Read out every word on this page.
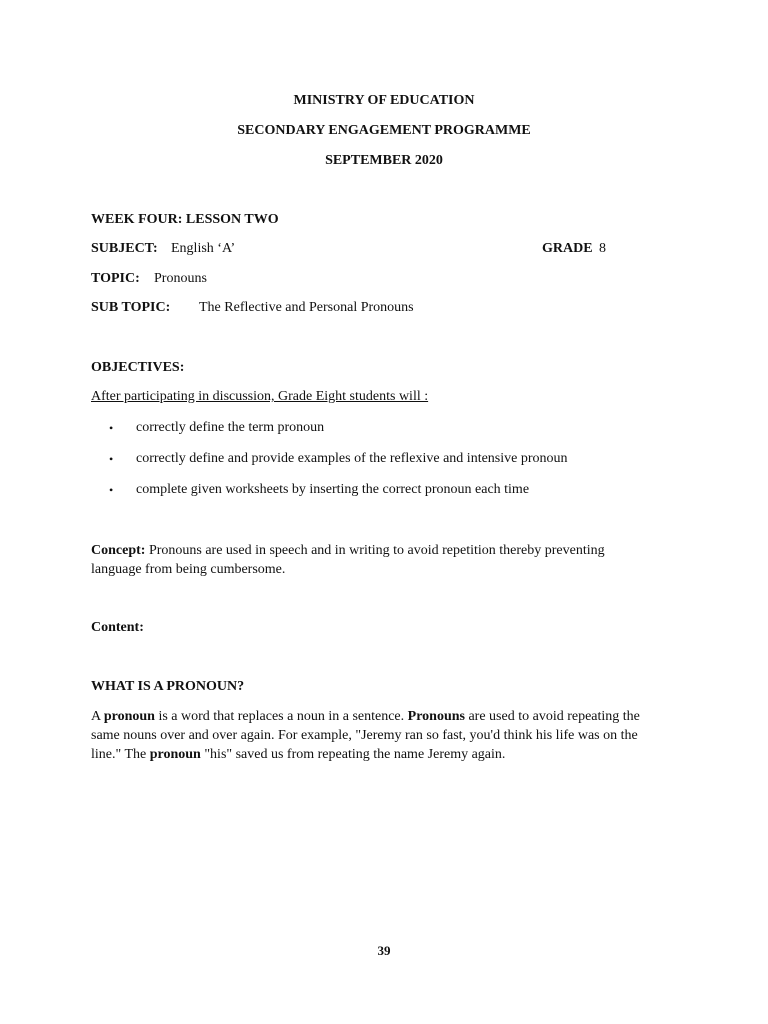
MINISTRY OF EDUCATION
SECONDARY ENGAGEMENT PROGRAMME
SEPTEMBER 2020
WEEK FOUR: LESSON TWO
SUBJECT: English ‘A’	GRADE 8
TOPIC: Pronouns
SUB TOPIC: The Reflective and Personal Pronouns
OBJECTIVES:
After participating in discussion, Grade Eight students will :
• correctly define the term pronoun
• correctly define and provide examples of the reflexive and intensive pronoun
• complete given worksheets by inserting the correct pronoun each time
Concept: Pronouns are used in speech and in writing to avoid repetition thereby preventing language from being cumbersome.
Content:
WHAT IS A PRONOUN?
A pronoun is a word that replaces a noun in a sentence. Pronouns are used to avoid repeating the same nouns over and over again. For example, "Jeremy ran so fast, you'd think his life was on the line." The pronoun "his" saved us from repeating the name Jeremy again.
39
